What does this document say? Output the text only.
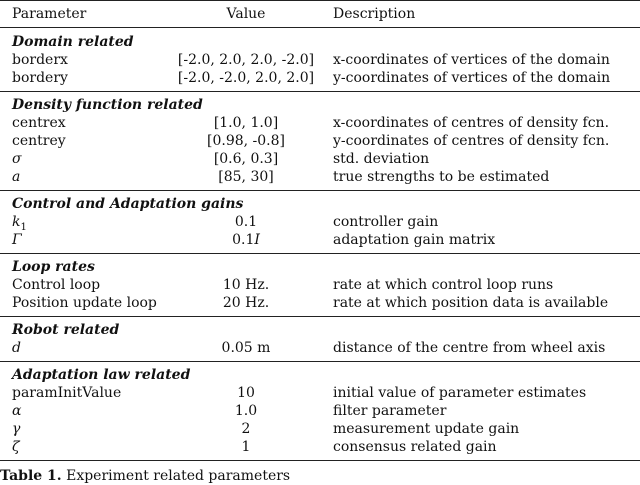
Parameter	Value	Description
Domain related
borderx	[-2.0, 2.0, 2.0, -2.0]	x-coordinates of vertices of the domain
bordery	[-2.0, -2.0, 2.0, 2.0]	y-coordinates of vertices of the domain
Density function related
centrex	[1.0, 1.0]	x-coordinates of centres of density fcn.
centrey	[0.98, -0.8]	y-coordinates of centres of density fcn.
σ	[0.6, 0.3]	std. deviation
a	[85, 30]	true strengths to be estimated
Control and Adaptation gains
$k_1$	0.1	controller gain
Γ	0.1I	adaptation gain matrix
Loop rates
Control loop	10 Hz.	rate at which control loop runs
Position update loop	20 Hz.	rate at which position data is available
Robot related
d	0.05 m	distance of the centre from wheel axis
Adaptation law related
paramInitValue	10	initial value of parameter estimates
α	1.0	filter parameter
γ	2	measurement update gain
ζ	1	consensus related gain
Table 1. Experiment related parameters
